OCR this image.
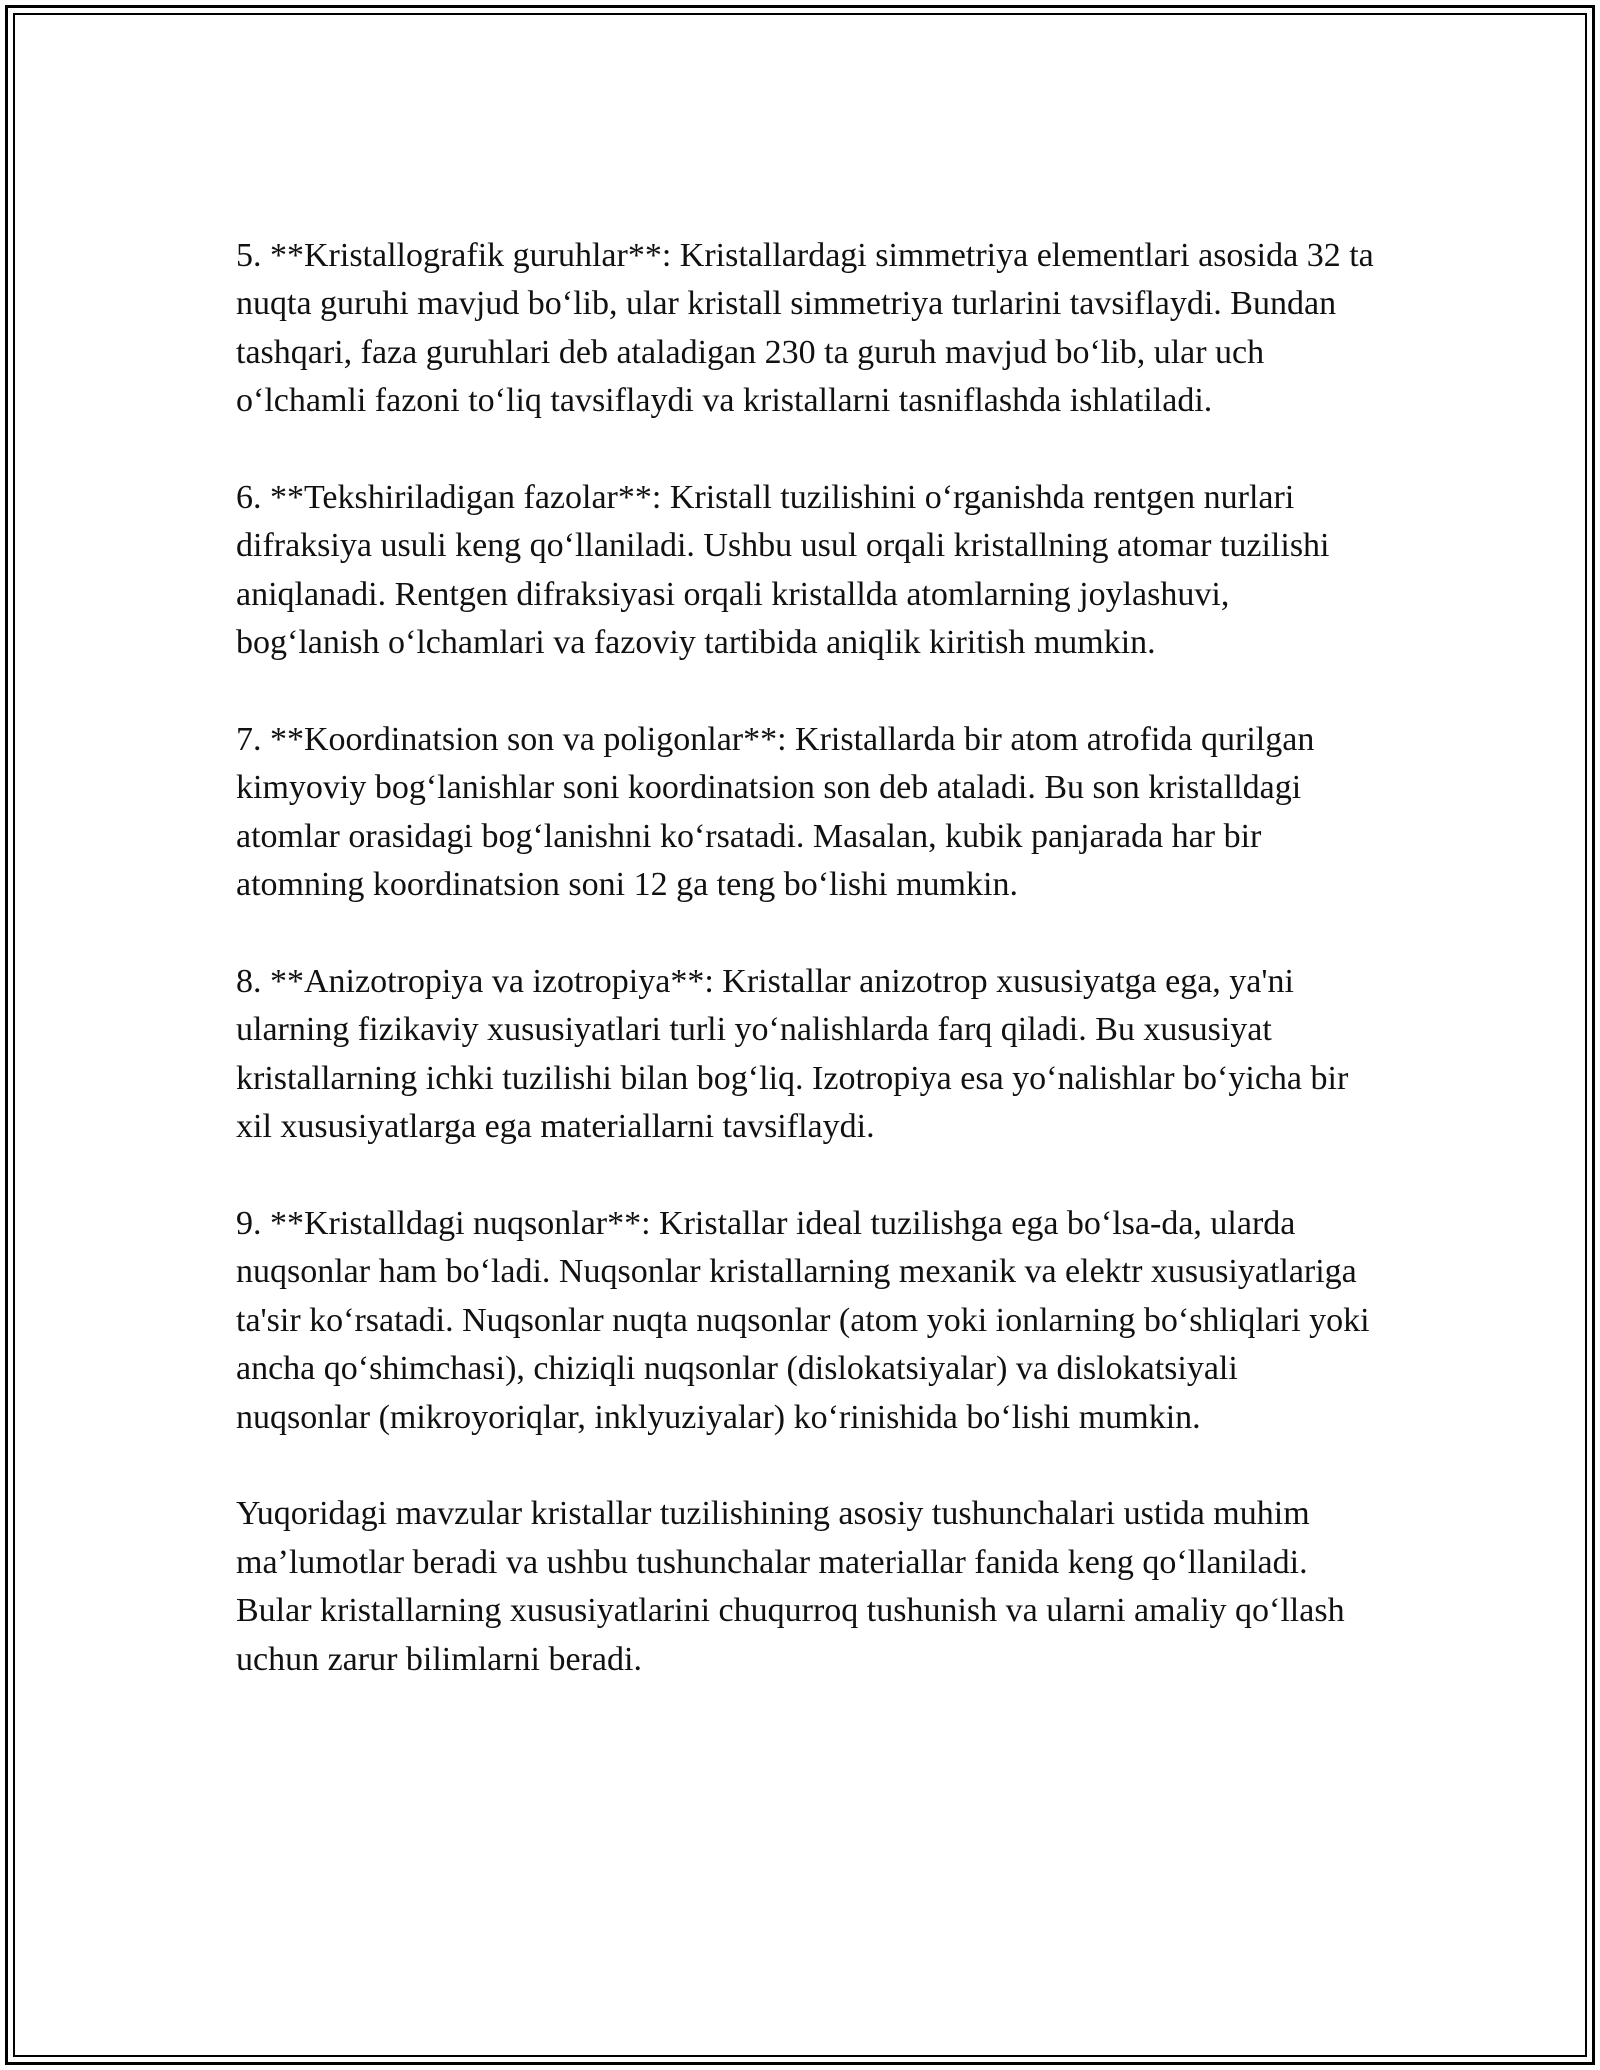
5. **Kristallografik guruhlar**: Kristallardagi simmetriya elementlari asosida 32 ta nuqta guruhi mavjud boʻlib, ular kristall simmetriya turlarini tavsiflaydi. Bundan tashqari, faza guruhlari deb ataladigan 230 ta guruh mavjud boʻlib, ular uch oʻlchamli fazoni toʻliq tavsiflaydi va kristallarni tasniflashda ishlatiladi.

6. **Tekshiriladigan fazolar**: Kristall tuzilishini oʻrganishda rentgen nurlari difraksiya usuli keng qoʻllaniladi. Ushbu usul orqali kristallning atomar tuzilishi aniqlanadi. Rentgen difraksiyasi orqali kristallda atomlarning joylashuvi, bogʻlanish oʻlchamlari va fazoviy tartibida aniqlik kiritish mumkin.

7. **Koordinatsion son va poligonlar**: Kristallarda bir atom atrofida qurilgan kimyoviy bogʻlanishlar soni koordinatsion son deb ataladi. Bu son kristalldagi atomlar orasidagi bogʻlanishni koʻrsatadi. Masalan, kubik panjarada har bir atomning koordinatsion soni 12 ga teng boʻlishi mumkin.

8. **Anizotropiya va izotropiya**: Kristallar anizotrop xususiyatga ega, ya'ni ularning fizikaviy xususiyatlari turli yoʻnalishlarda farq qiladi. Bu xususiyat kristallarning ichki tuzilishi bilan bogʻliq. Izotropiya esa yoʻnalishlar boʻyicha bir xil xususiyatlarga ega materiallarni tavsiflaydi.

9. **Kristalldagi nuqsonlar**: Kristallar ideal tuzilishga ega boʻlsa-da, ularda nuqsonlar ham boʻladi. Nuqsonlar kristallarning mexanik va elektr xususiyatlariga ta'sir koʻrsatadi. Nuqsonlar nuqta nuqsonlar (atom yoki ionlarning boʻshliqlari yoki ancha qoʻshimchasi), chiziqli nuqsonlar (dislokatsiyalar) va dislokatsiyali nuqsonlar (mikroyoriqlar, inklyuziyalar) koʻrinishida boʻlishi mumkin.

Yuqoridagi mavzular kristallar tuzilishining asosiy tushunchalari ustida muhim maʼlumotlar beradi va ushbu tushunchalar materiallar fanida keng qoʻllaniladi. Bular kristallarning xususiyatlarini chuqurroq tushunish va ularni amaliy qoʻllash uchun zarur bilimlarni beradi.
